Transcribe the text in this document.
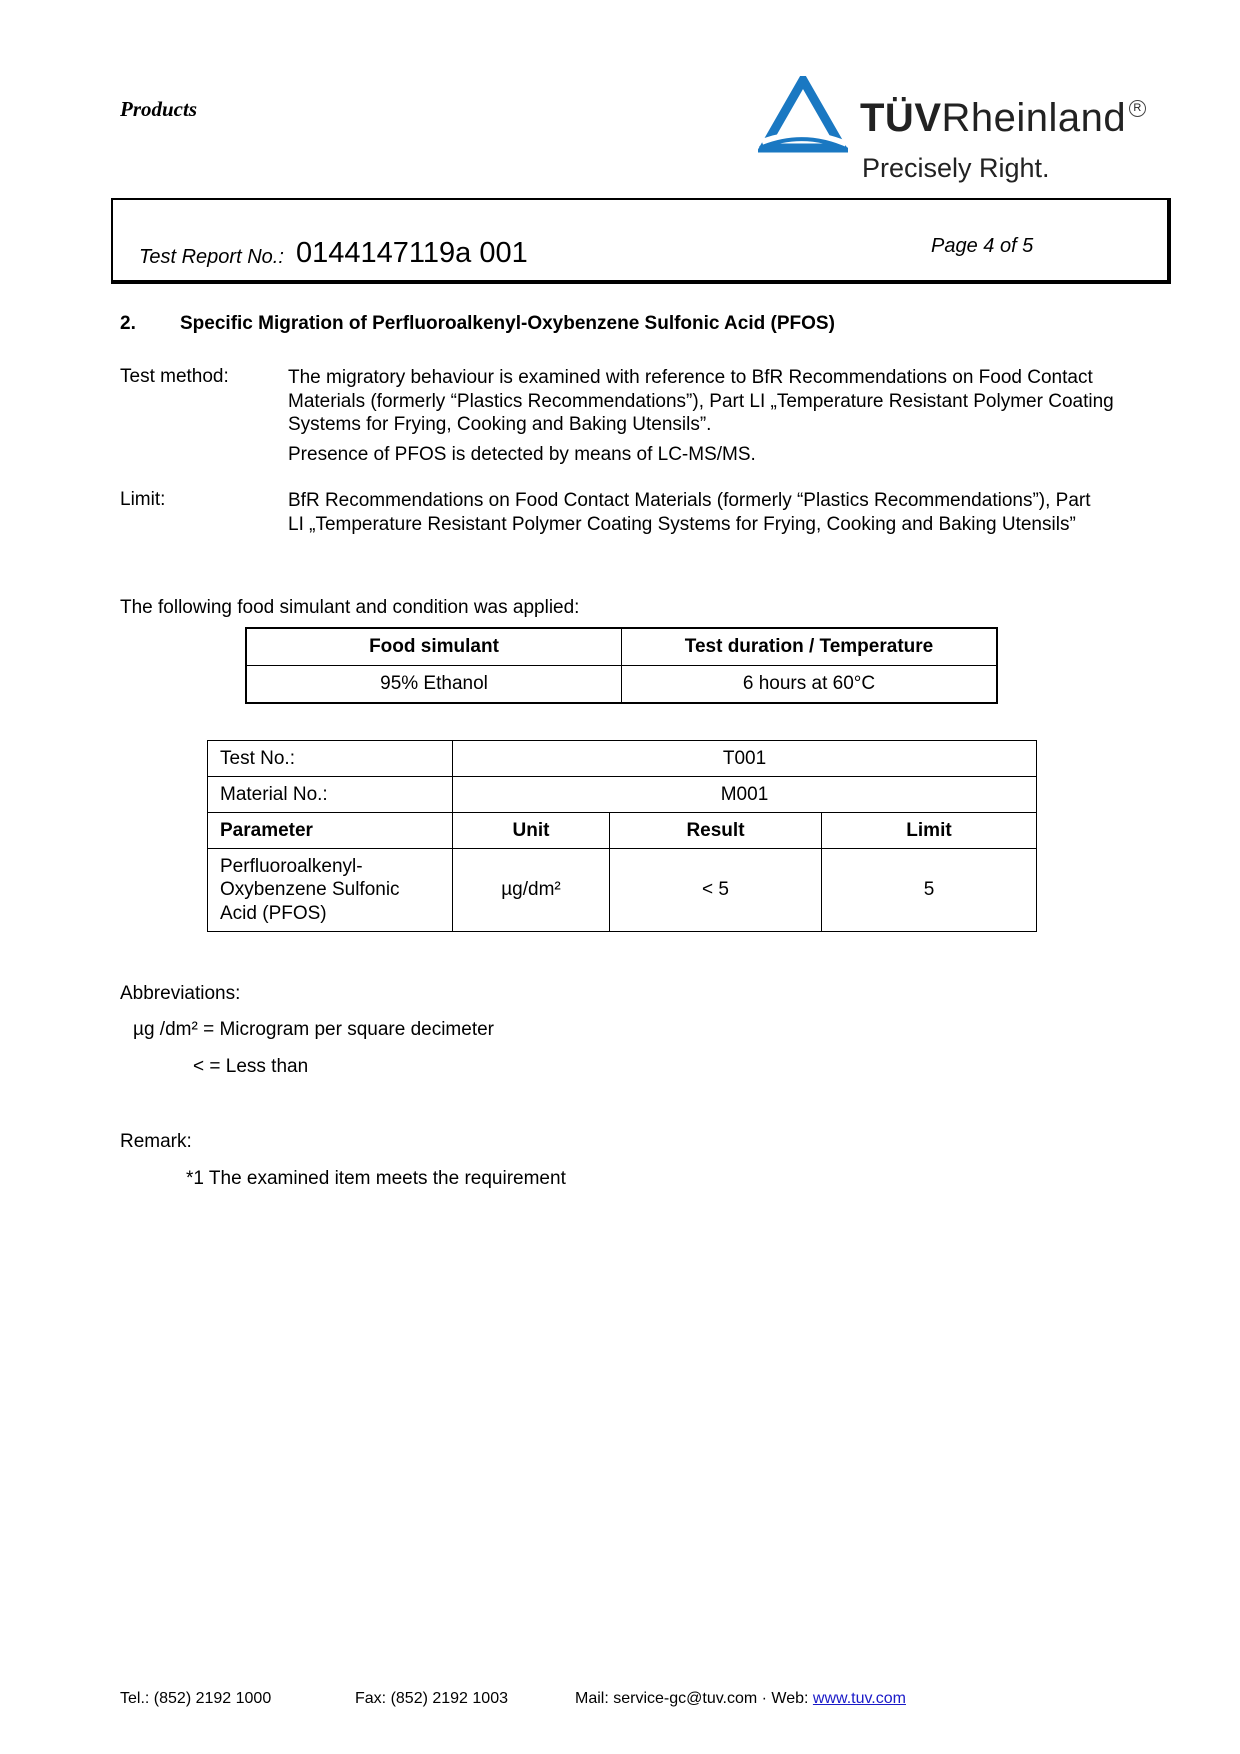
Products	TÜVRheinland R
Precisely Right.
Test Report No.: 0144147119a 001	Page 4 of 5
2. Specific Migration of Perfluoroalkenyl-Oxybenzene Sulfonic Acid (PFOS)
Test method:	The migratory behaviour is examined with reference to BfR Recommendations on Food Contact Materials (formerly “Plastics Recommendations”), Part LI „Temperature Resistant Polymer Coating Systems for Frying, Cooking and Baking Utensils”.
Presence of PFOS is detected by means of LC-MS/MS.
Limit:	BfR Recommendations on Food Contact Materials (formerly “Plastics Recommendations”), Part LI „Temperature Resistant Polymer Coating Systems for Frying, Cooking and Baking Utensils”
The following food simulant and condition was applied:
Food simulant	Test duration / Temperature
95% Ethanol	6 hours at 60°C
Test No.:	T001		
Material No.:	M001		
Parameter	Unit	Result	Limit

Perfluoroalkenyl-
Oxybenzene Sulfonic
Acid (PFOS)	µg/dm²	< 5	5
Abbreviations:
µg /dm² = Microgram per square decimeter
< = Less than
Remark:
*1 The examined item meets the requirement
Tel.: (852) 2192 1000	Fax: (852) 2192 1003	Mail: service-gc@tuv.com · Web: www.tuv.com
